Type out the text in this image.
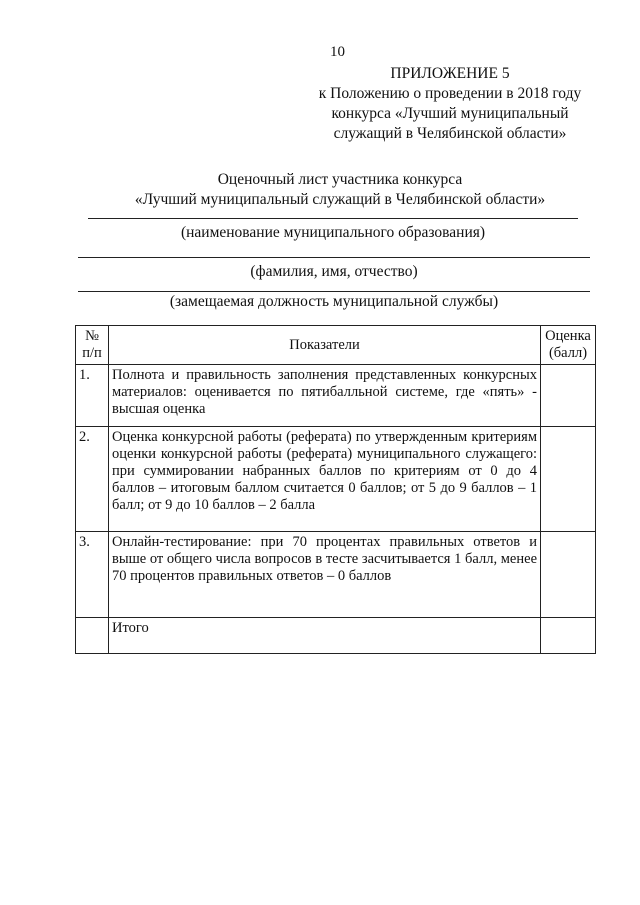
10
ПРИЛОЖЕНИЕ 5
к Положению о проведении в 2018 году
конкурса «Лучший муниципальный
служащий в Челябинской области»
Оценочный лист участника конкурса
«Лучший муниципальный служащий в Челябинской области»
(наименование муниципального образования)
(фамилия, имя, отчество)
(замещаемая должность муниципальной службы)
№ п/п	Показатели	Оценка (балл)
1.	Полнота и правильность заполнения представленных конкурсных материалов: оценивается по пятибалльной системе, где «пять» - высшая оценка	
2.	Оценка конкурсной работы (реферата) по утвержденным критериям оценки конкурсной работы (реферата) муниципального служащего: при суммировании набранных баллов по критериям от 0 до 4 баллов – итоговым баллом считается 0 баллов; от 5 до 9 баллов – 1 балл; от 9 до 10 баллов – 2 балла	
3.	Онлайн-тестирование: при 70 процентах правильных ответов и выше от общего числа вопросов в тесте засчитывается 1 балл, менее 70 процентов правильных ответов – 0 баллов	
	Итого	
